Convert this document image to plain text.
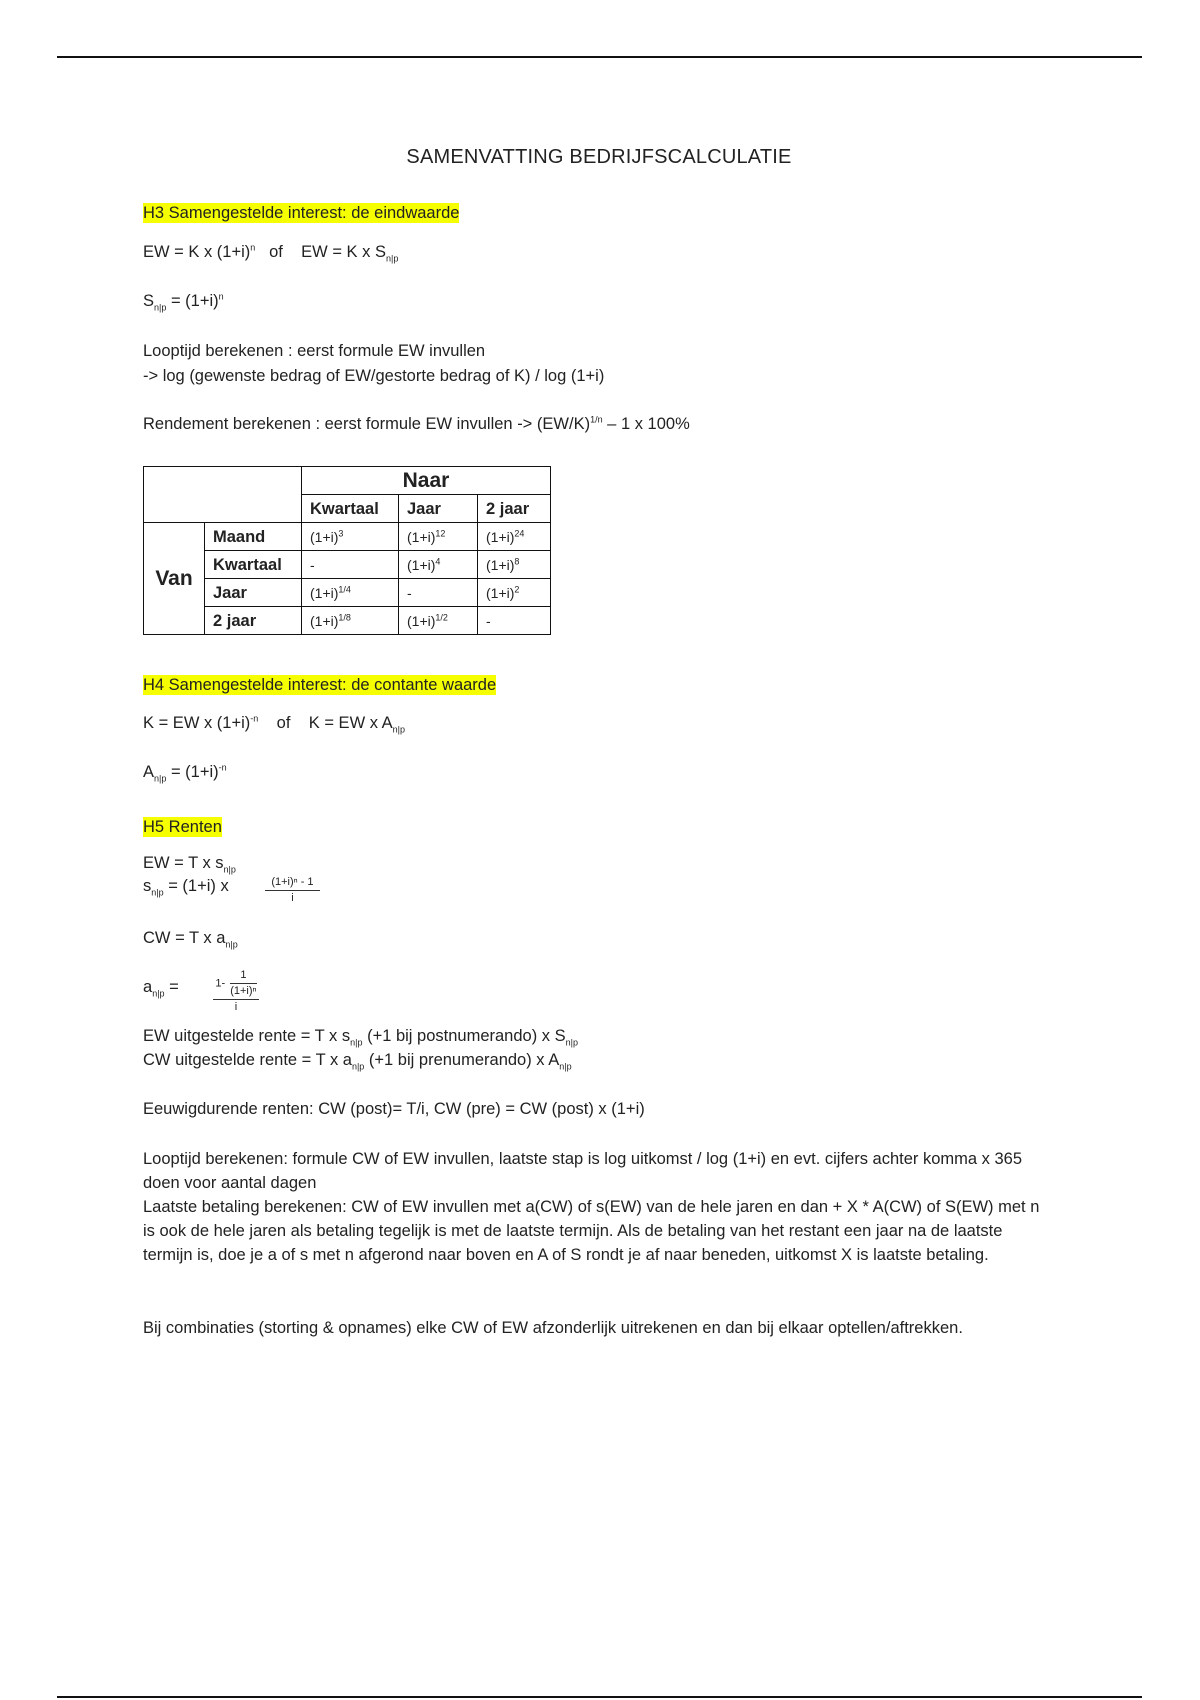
SAMENVATTING BEDRIJFSCALCULATIE
H3 Samengestelde interest: de eindwaarde
EW = K x $(1+i)^n$ of EW = K x $S_{n|p}$
$S_{n|p} = (1+i)^n$
Looptijd berekenen : eerst formule EW invullen
-> log (gewenste bedrag of EW/gestorte bedrag of K) / log (1+i)
Rendement berekenen : eerst formule EW invullen -> $(EW/K)^{1/n} - 1$ x 100%
		Naar		
		Kwartaal	Jaar	2 jaar
Van	Maand	$(1+i)^3$	$(1+i)^{12}$	$(1+i)^{24}$
	Kwartaal	-	$(1+i)^4$	$(1+i)^8$
	Jaar	$(1+i)^{1/4}$	-	$(1+i)^2$
	2 jaar	$(1+i)^{1/8}$	$(1+i)^{1/2}$	-
H4 Samengestelde interest: de contante waarde
K = EW x $(1+i)^{-n}$ of K = EW x $A_{n|p}$
$A_{n|p} = (1+i)^{-n}$
H5 Renten
EW = T x $s_{n|p}$
$s_{n|p} = (1+i)$ x	$\frac{\text{(1+i)ⁿ - 1}}{i}$
CW = T x $a_{n|p}$
$a_{n|p}$ =	$\frac{1- \frac{1}{\text{(1+i)ⁿ}}}{i}$
EW uitgestelde rente = T x $s_{n|p}$ (+1 bij postnumerando) x $S_{n|p}$
CW uitgestelde rente = T x $a_{n|p}$ (+1 bij prenumerando) x $A_{n|p}$
Eeuwigdurende renten: CW (post)= T/i, CW (pre) = CW (post) x (1+i)
Looptijd berekenen: formule CW of EW invullen, laatste stap is log uitkomst / log (1+i) en evt. cijfers achter komma x 365 doen voor aantal dagen
Laatste betaling berekenen: CW of EW invullen met a(CW) of s(EW) van de hele jaren en dan + X * A(CW) of S(EW) met n is ook de hele jaren als betaling tegelijk is met de laatste termijn. Als de betaling van het restant een jaar na de laatste termijn is, doe je a of s met n afgerond naar boven en A of S rondt je af naar beneden, uitkomst X is laatste betaling.
Bij combinaties (storting & opnames) elke CW of EW afzonderlijk uitrekenen en dan bij elkaar optellen/aftrekken.
